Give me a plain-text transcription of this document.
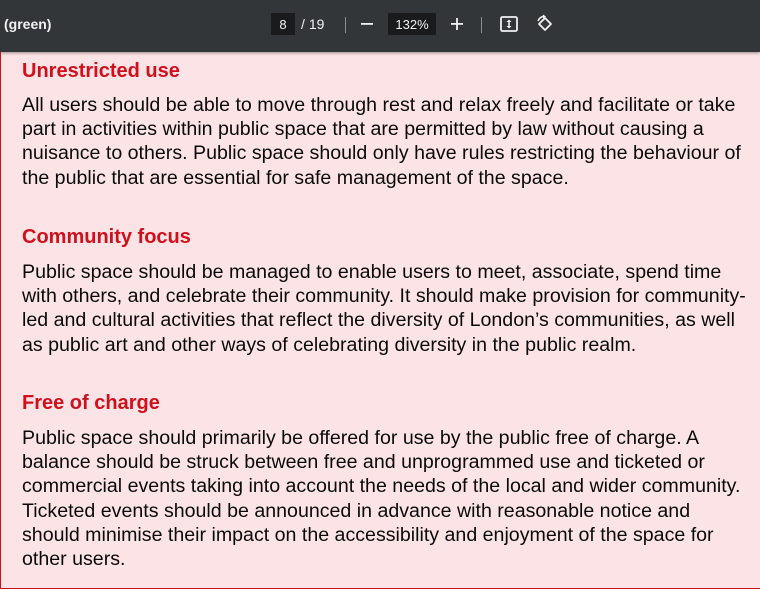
(green)
8	/ 19
132%
Unrestricted use

All users should be able to move through rest and relax freely and facilitate or take part in activities within public space that are permitted by law without causing a nuisance to others. Public space should only have rules restricting the behaviour of the public that are essential for safe management of the space.

Community focus

Public space should be managed to enable users to meet, associate, spend time with others, and celebrate their community. It should make provision for community-led and cultural activities that reflect the diversity of London’s communities, as well as public art and other ways of celebrating diversity in the public realm.

Free of charge

Public space should primarily be offered for use by the public free of charge. A balance should be struck between free and unprogrammed use and ticketed or commercial events taking into account the needs of the local and wider community. Ticketed events should be announced in advance with reasonable notice and should minimise their impact on the accessibility and enjoyment of the space for other users.
